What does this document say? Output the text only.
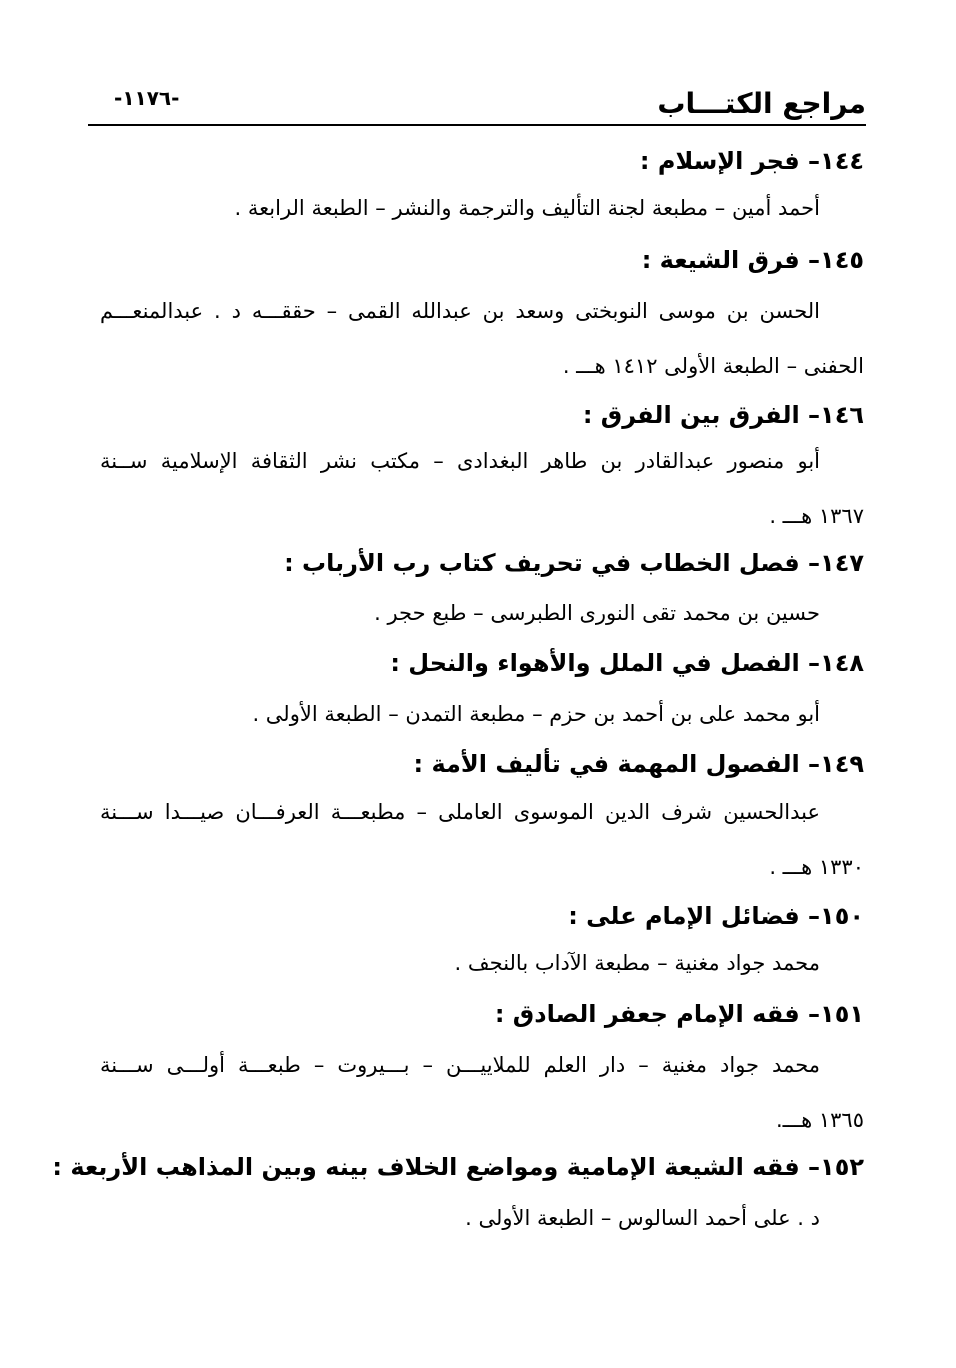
مراجع الكتـــاب
-١١٧٦-
١٤٤– فجر الإسلام :
أحمد أمين – مطبعة لجنة التأليف والترجمة والنشر – الطبعة الرابعة .
١٤٥– فرق الشيعة :
الحسن بن موسى النوبختى وسعد بن عبدالله القمى – حققـــه د . عبدالمنعـــم
الحفنى – الطبعة الأولى ١٤١٢ هـــ .
١٤٦– الفرق بين الفرق :
أبو منصور عبدالقادر بن طاهر البغدادى – مكتب نشر الثقافة الإسلامية ســنة
١٣٦٧ هـــ .
١٤٧– فصل الخطاب في تحريف كتاب رب الأرباب :
حسين بن محمد تقى النورى الطبرسى – طبع حجر .
١٤٨– الفصل في الملل والأهواء والنحل :
أبو محمد على بن أحمد بن حزم – مطبعة التمدن – الطبعة الأولى .
١٤٩– الفصول المهمة في تأليف الأمة :
عبدالحسين شرف الدين الموسوى العاملى – مطبعـــة العرفـــان صيـــدا ســـنة
١٣٣٠ هـــ .
١٥٠– فضائل الإمام على :
محمد جواد مغنية – مطبعة الآداب بالنجف .
١٥١– فقه الإمام جعفر الصادق :
محمد جواد مغنية – دار العلم للملاييـــن – بـــيروت – طبعـــة أولـــى ســـنة
١٣٦٥ هـــ.
١٥٢– فقه الشيعة الإمامية ومواضع الخلاف بينه وبين المذاهب الأربعة :
د . على أحمد السالوس – الطبعة الأولى .
